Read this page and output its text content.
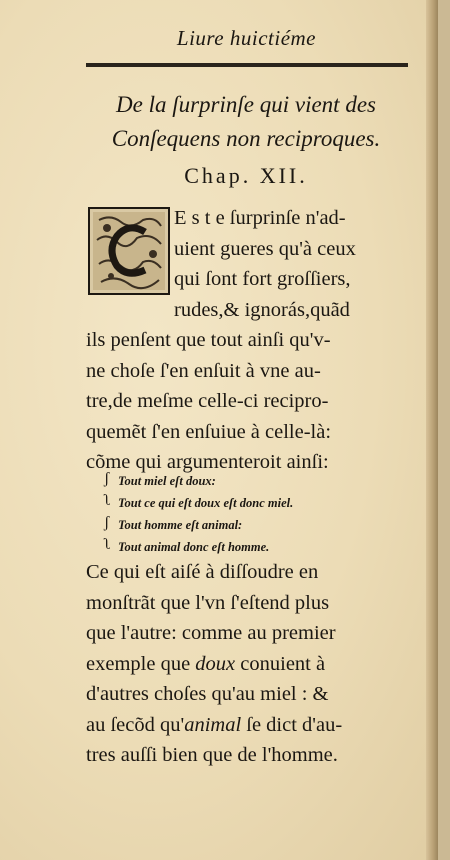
Liure huictiéme
De la ſurprinſe qui vient des
Conſequens non reciproques.
Chap. XII.
E s t e ſurprinſe n'ad-
uient gueres qu'à ceux
qui ſont fort groſſiers,
rudes,& ignorás,quãd
ils penſent que tout ainſi qu'v-
ne choſe ſ'en enſuit à vne au-
tre,de meſme celle-ci recipro-
quemẽt ſ'en enſuiue à celle-là:
cõme qui argumenteroit ainſi:
ʃ Tout miel eſt doux:
ʅ Tout ce qui eſt doux eſt donc miel.
ʃ Tout homme eſt animal:
ʅ Tout animal donc eſt homme.
Ce qui eſt aiſé à diſſoudre en
monſtrãt que l'vn ſ'eſtend plus
que l'autre: comme au premier
exemple que doux conuient à
d'autres choſes qu'au miel : &
au ſecõd qu'animal ſe dict d'au-
tres auſſi bien que de l'homme.
